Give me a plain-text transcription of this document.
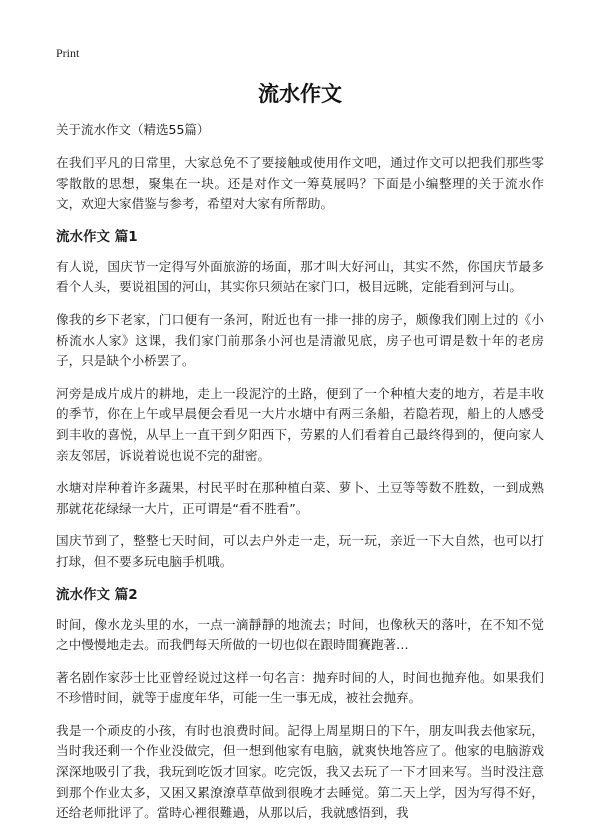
Print
流水作文

关于流水作文（精选55篇）

在我们平凡的日常里，大家总免不了要接触或使用作文吧，通过作文可以把我们那些零零散散的思想，聚集在一块。还是对作文一筹莫展吗？下面是小编整理的关于流水作文，欢迎大家借鉴与参考，希望对大家有所帮助。

流水作文 篇1

有人说，国庆节一定得写外面旅游的场面，那才叫大好河山，其实不然，你国庆节最多看个人头，要说祖国的河山，其实你只须站在家门口，极目远眺，定能看到河与山。

像我的乡下老家，门口便有一条河，附近也有一排一排的房子，颇像我们刚上过的《小桥流水人家》这课，我们家门前那条小河也是清澈见底，房子也可谓是数十年的老房子，只是缺个小桥罢了。

河旁是成片成片的耕地，走上一段泥泞的土路，便到了一个种植大麦的地方，若是丰收的季节，你在上午或早晨便会看见一大片水塘中有两三条船，若隐若现，船上的人感受到丰收的喜悦，从早上一直干到夕阳西下，劳累的人们看着自己最终得到的，便向家人亲友邻居，诉说着说也说不完的甜密。

水塘对岸种着许多蔬果，村民平时在那种植白菜、萝卜、土豆等等数不胜数，一到成熟那就花花绿绿一大片，正可谓是“看不胜看”。

国庆节到了，整整七天时间，可以去户外走一走，玩一玩，亲近一下大自然，也可以打打球，但不要多玩电脑手机哦。

流水作文 篇2

时间，像水龙头里的水，一点一滴靜靜的地流去；时间，也像秋天的落叶，在不知不觉之中慢慢地走去。而我們每天所做的一切也似在跟時間賽跑著…

著名剧作家莎士比亚曾经说过这样一句名言：抛弃时间的人，时间也抛弃他。如果我们不珍惜时间，就等于虚度年华，可能一生一事无成，被社会抛弃。

我是一个顽皮的小孩，有时也浪费时间。記得上周星期日的下午，朋友叫我去他家玩，当时我还剩一个作业没做完，但一想到他家有电脑，就爽快地答应了。他家的电脑游戏深深地吸引了我，我玩到吃饭才回家。吃完饭，我又去玩了一下才回来写。当时没注意到那个作业太多，又困又累潦潦草草做到很晚才去睡觉。第二天上学，因为写得不好，还给老师批评了。當時心裡很難過，从那以后，我就感悟到，我
